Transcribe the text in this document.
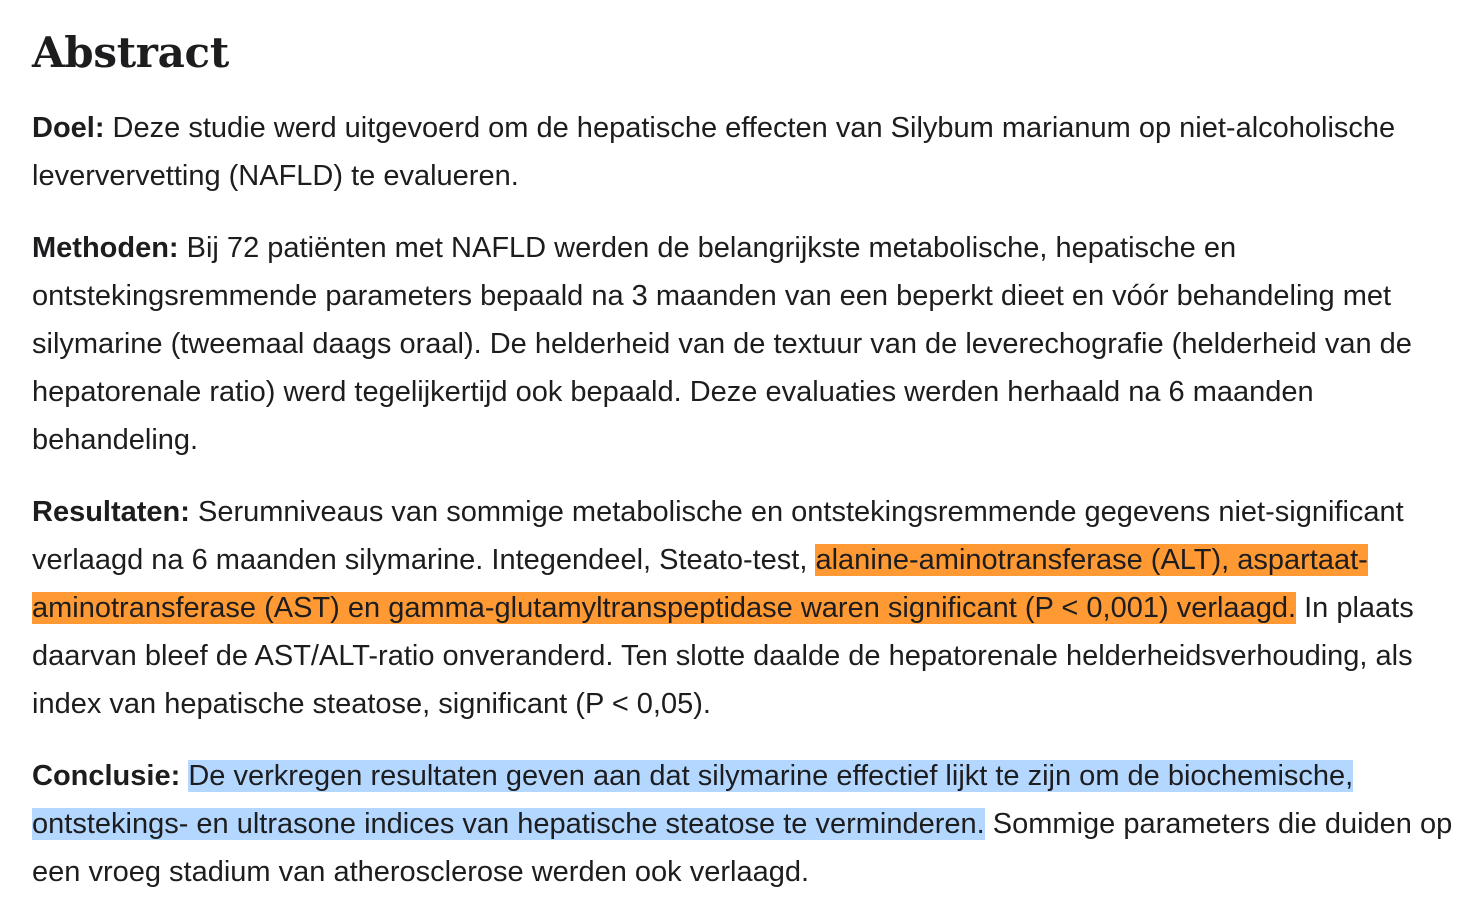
Abstract

Doel: Deze studie werd uitgevoerd om de hepatische effecten van Silybum marianum op niet-alcoholische leververvetting (NAFLD) te evalueren.

Methoden: Bij 72 patiënten met NAFLD werden de belangrijkste metabolische, hepatische en ontstekingsremmende parameters bepaald na 3 maanden van een beperkt dieet en vóór behandeling met silymarine (tweemaal daags oraal). De helderheid van de textuur van de leverechografie (helderheid van de hepatorenale ratio) werd tegelijkertijd ook bepaald. Deze evaluaties werden herhaald na 6 maanden behandeling.

Resultaten: Serumniveaus van sommige metabolische en ontstekingsremmende gegevens niet-significant verlaagd na 6 maanden silymarine. Integendeel, Steato-test, alanine-aminotransferase (ALT), aspartaat-aminotransferase (AST) en gamma-glutamyltranspeptidase waren significant (P < 0,001) verlaagd. In plaats daarvan bleef de AST/ALT-ratio onveranderd. Ten slotte daalde de hepatorenale helderheidsverhouding, als index van hepatische steatose, significant (P < 0,05).

Conclusie: De verkregen resultaten geven aan dat silymarine effectief lijkt te zijn om de biochemische, ontstekings- en ultrasone indices van hepatische steatose te verminderen. Sommige parameters die duiden op een vroeg stadium van atherosclerose werden ook verlaagd.
